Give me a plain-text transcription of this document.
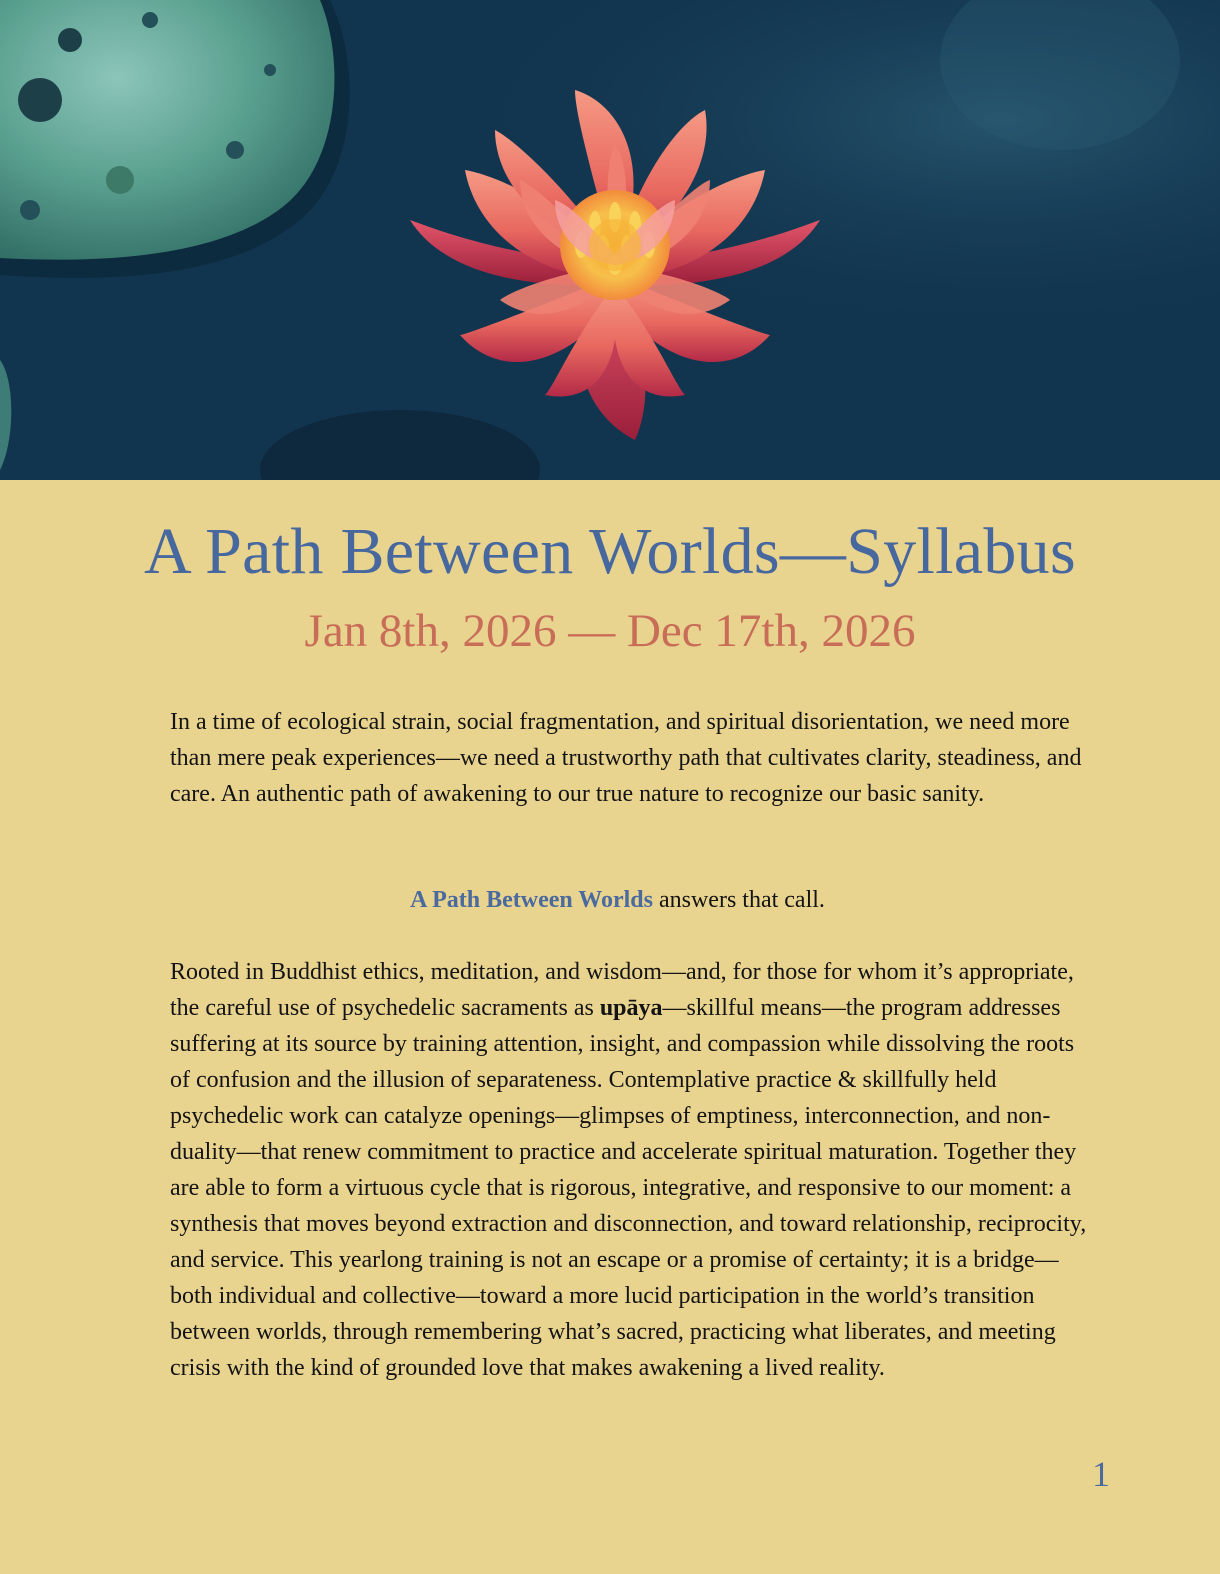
A Path Between Worlds—Syllabus
Jan 8th, 2026 — Dec 17th, 2026
In a time of ecological strain, social fragmentation, and spiritual disorientation, we need more than mere peak experiences—we need a trustworthy path that cultivates clarity, steadiness, and care. An authentic path of awakening to our true nature to recognize our basic sanity.
A Path Between Worlds answers that call.
Rooted in Buddhist ethics, meditation, and wisdom—and, for those for whom it’s appropriate, the careful use of psychedelic sacraments as upāya—skillful means—the program addresses suffering at its source by training attention, insight, and compassion while dissolving the roots of confusion and the illusion of separateness. Contemplative practice & skillfully held psychedelic work can catalyze openings—glimpses of emptiness, interconnection, and non-duality—that renew commitment to practice and accelerate spiritual maturation. Together they are able to form a virtuous cycle that is rigorous, integrative, and responsive to our moment: a synthesis that moves beyond extraction and disconnection, and toward relationship, reciprocity, and service. This yearlong training is not an escape or a promise of certainty; it is a bridge—both individual and collective—toward a more lucid participation in the world’s transition between worlds, through remembering what’s sacred, practicing what liberates, and meeting crisis with the kind of grounded love that makes awakening a lived reality.
1
